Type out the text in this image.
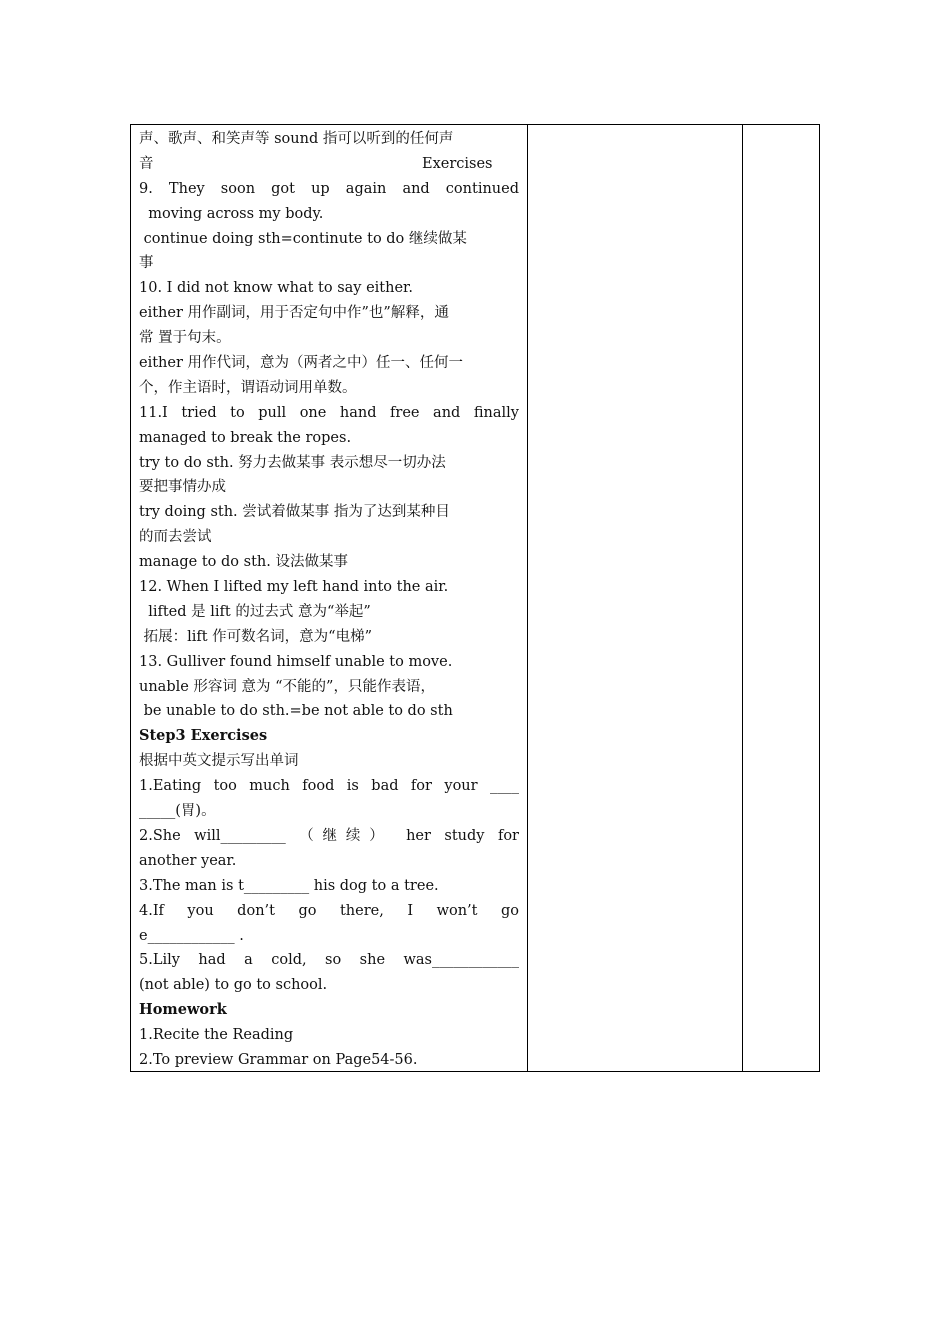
声、歌声、和笑声等 sound 指可以听到的任何声
音
9. They soon got up again and continued
moving across my body.
continue doing sth=continute to do 继续做某
事
10. I did not know what to say either.
either 用作副词，用于否定句中作”也”解释，通
常 置于句末。
either 用作代词，意为（两者之中）任一、任何一
个，作主语时，谓语动词用单数。
11.I tried to pull one hand free and finally
managed to break the ropes.
try to do sth. 努力去做某事 表示想尽一切办法
要把事情办成
try doing sth. 尝试着做某事 指为了达到某种目
的而去尝试
manage to do sth. 设法做某事
12. When I lifted my left hand into the air.
lifted 是 lift 的过去式 意为“举起”
拓展：lift 作可数名词，意为“电梯”
13. Gulliver found himself unable to move.
unable 形容词 意为 “不能的”，只能作表语，
be unable to do sth.=be not able to do sth
Step3 Exercises
根据中英文提示写出单词
1.Eating too much food is bad for your ____
_____(胃)。
2.She will_________ （继续） her study for
another year.
3.The man is t_________ his dog to a tree.
4.If you don’t go there, I won’t go
e____________ .
5.Lily had a cold, so she was____________
(not able) to go to school.
Homework
1.Recite the Reading
2.To preview Grammar on Page54-56.
Exercises
